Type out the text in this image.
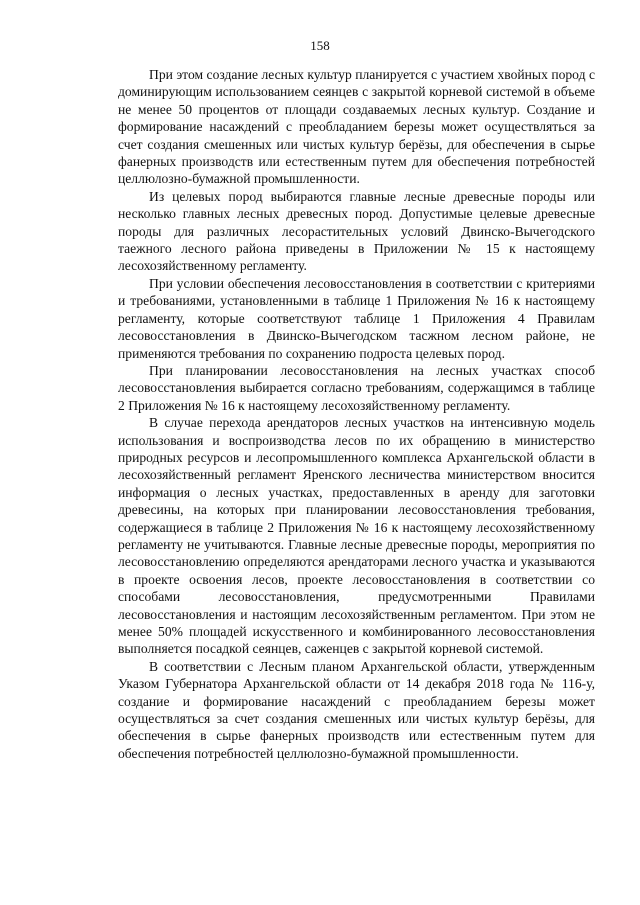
158

При этом создание лесных культур планируется с участием хвойных пород с доминирующим использованием сеянцев с закрытой корневой системой в объеме не менее 50 процентов от площади создаваемых лесных культур. Создание и формирование насаждений с преобладанием березы может осуществляться за счет создания смешенных или чистых культур берёзы, для обеспечения в сырье фанерных производств или естественным путем для обеспечения потребностей целлюлозно-бумажной промышленности.

Из целевых пород выбираются главные лесные древесные породы или несколько главных лесных древесных пород. Допустимые целевые древесные породы для различных лесорастительных условий Двинско-Вычегодского таежного лесного района приведены в Приложении № 15 к настоящему лесохозяйственному регламенту.

При условии обеспечения лесовосстановления в соответствии с критериями и требованиями, установленными в таблице 1 Приложения № 16 к настоящему регламенту, которые соответствуют таблице 1 Приложения 4 Правилам лесовосстановления в Двинско-Вычегодском тасжном лесном районе, не применяются требования по сохранению подроста целевых пород.

При планировании лесовосстановления на лесных участках способ лесовосстановления выбирается согласно требованиям, содержащимся в таблице 2 Приложения № 16 к настоящему лесохозяйственному регламенту.

В случае перехода арендаторов лесных участков на интенсивную модель использования и воспроизводства лесов по их обращению в министерство природных ресурсов и лесопромышленного комплекса Архангельской области в лесохозяйственный регламент Яренского лесничества министерством вносится информация о лесных участках, предоставленных в аренду для заготовки древесины, на которых при планировании лесовосстановления требования, содержащиеся в таблице 2 Приложения № 16 к настоящему лесохозяйственному регламенту не учитываются. Главные лесные древесные породы, мероприятия по лесовосстановлению определяются арендаторами лесного участка и указываются в проекте освоения лесов, проекте лесовосстановления в соответствии со способами лесовосстановления, предусмотренными Правилами лесовосстановления и настоящим лесохозяйственным регламентом. При этом не менее 50% площадей искусственного и комбинированного лесовосстановления выполняется посадкой сеянцев, саженцев с закрытой корневой системой.

В соответствии с Лесным планом Архангельской области, утвержденным Указом Губернатора Архангельской области от 14 декабря 2018 года № 116-у, создание и формирование насаждений с преобладанием березы может осуществляться за счет создания смешенных или чистых культур берёзы, для обеспечения в сырье фанерных производств или естественным путем для обеспечения потребностей целлюлозно-бумажной промышленности.
